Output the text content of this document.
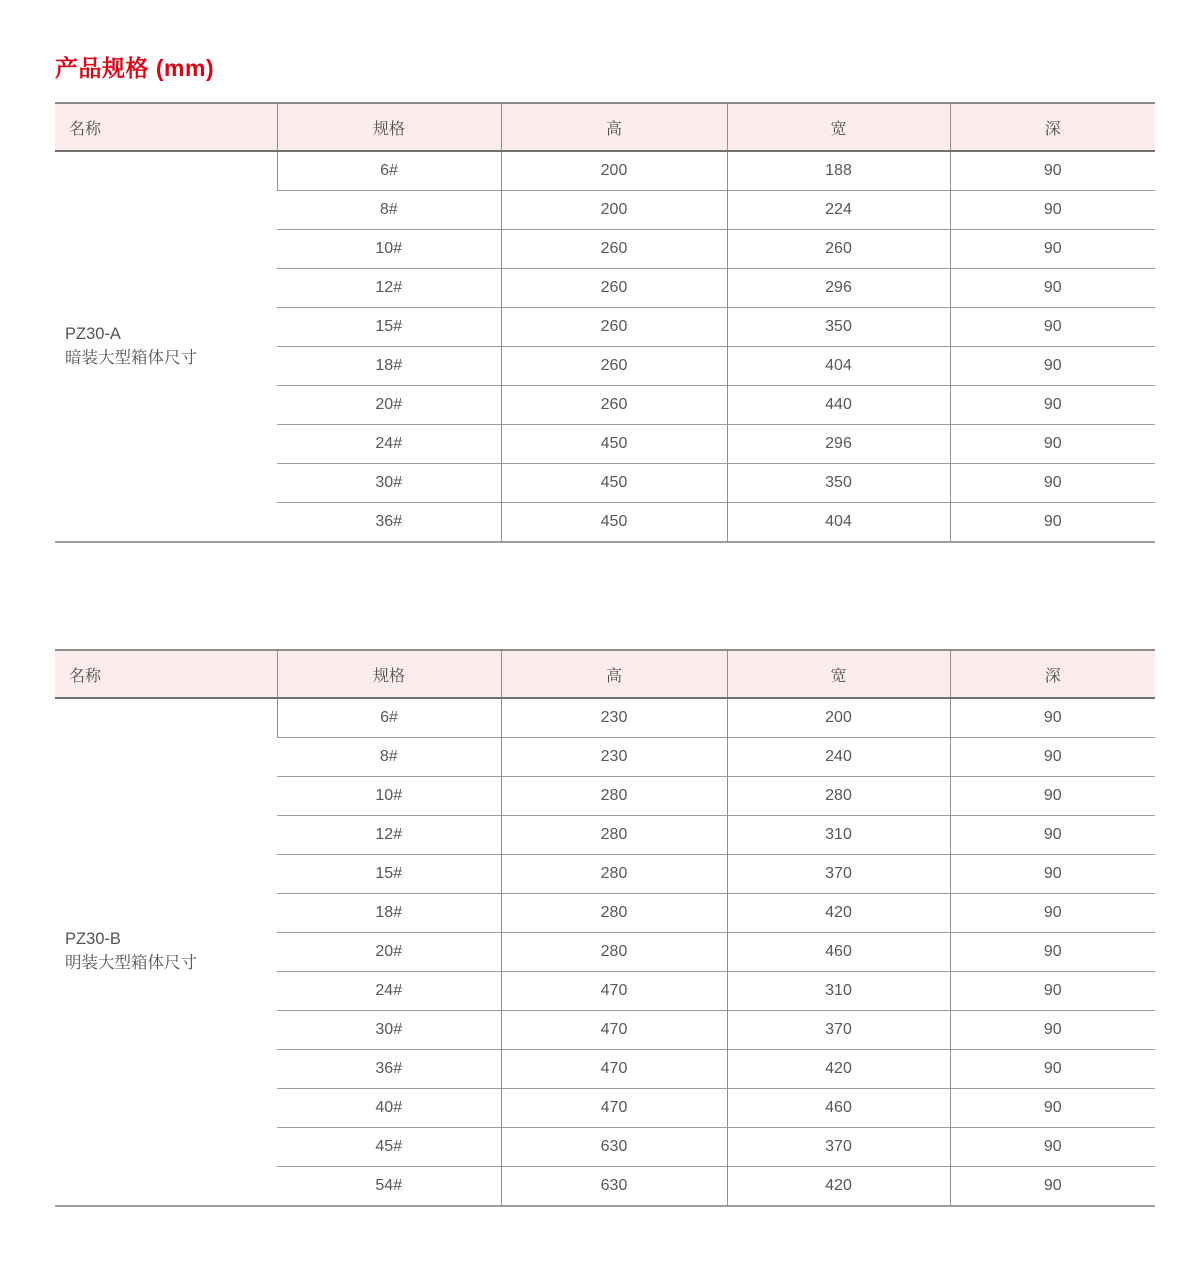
产品规格 (mm)
名称	规格	高	宽	深

PZ30-A
暗装大型箱体尺寸	6#	200	188	90
	8#	200	224	90
	10#	260	260	90
	12#	260	296	90
	15#	260	350	90
	18#	260	404	90
	20#	260	440	90
	24#	450	296	90
	30#	450	350	90
	36#	450	404	90
名称	规格	高	宽	深

PZ30-B
明装大型箱体尺寸	6#	230	200	90
	8#	230	240	90
	10#	280	280	90
	12#	280	310	90
	15#	280	370	90
	18#	280	420	90
	20#	280	460	90
	24#	470	310	90
	30#	470	370	90
	36#	470	420	90
	40#	470	460	90
	45#	630	370	90
	54#	630	420	90
